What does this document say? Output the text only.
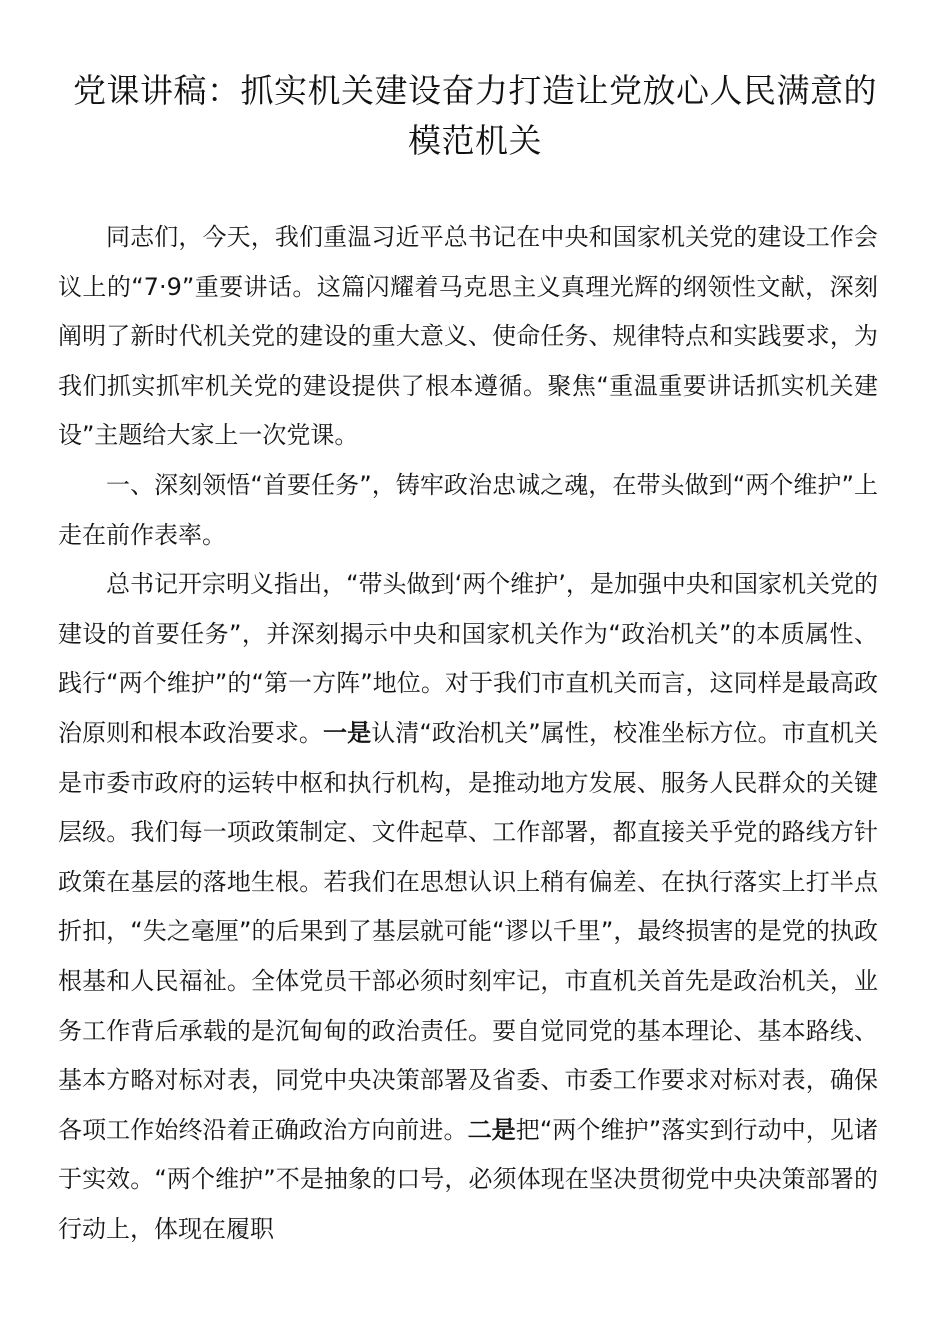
党课讲稿：抓实机关建设奋力打造让党放心人民满意的模范机关

同志们，今天，我们重温习近平总书记在中央和国家机关党的建设工作会议上的“7·9”重要讲话。这篇闪耀着马克思主义真理光辉的纲领性文献，深刻阐明了新时代机关党的建设的重大意义、使命任务、规律特点和实践要求，为我们抓实抓牢机关党的建设提供了根本遵循。聚焦“重温重要讲话抓实机关建设”主题给大家上一次党课。

一、深刻领悟“首要任务”，铸牢政治忠诚之魂，在带头做到“两个维护”上走在前作表率。

总书记开宗明义指出，“带头做到‘两个维护’，是加强中央和国家机关党的建设的首要任务”，并深刻揭示中央和国家机关作为“政治机关”的本质属性、践行“两个维护”的“第一方阵”地位。对于我们市直机关而言，这同样是最高政治原则和根本政治要求。一是认清“政治机关”属性，校准坐标方位。市直机关是市委市政府的运转中枢和执行机构，是推动地方发展、服务人民群众的关键层级。我们每一项政策制定、文件起草、工作部署，都直接关乎党的路线方针政策在基层的落地生根。若我们在思想认识上稍有偏差、在执行落实上打半点折扣，“失之毫厘”的后果到了基层就可能“谬以千里”，最终损害的是党的执政根基和人民福祉。全体党员干部必须时刻牢记，市直机关首先是政治机关，业务工作背后承载的是沉甸甸的政治责任。要自觉同党的基本理论、基本路线、基本方略对标对表，同党中央决策部署及省委、市委工作要求对标对表，确保各项工作始终沿着正确政治方向前进。二是把“两个维护”落实到行动中，见诸于实效。“两个维护”不是抽象的口号，必须体现在坚决贯彻党中央决策部署的行动上，体现在履职
